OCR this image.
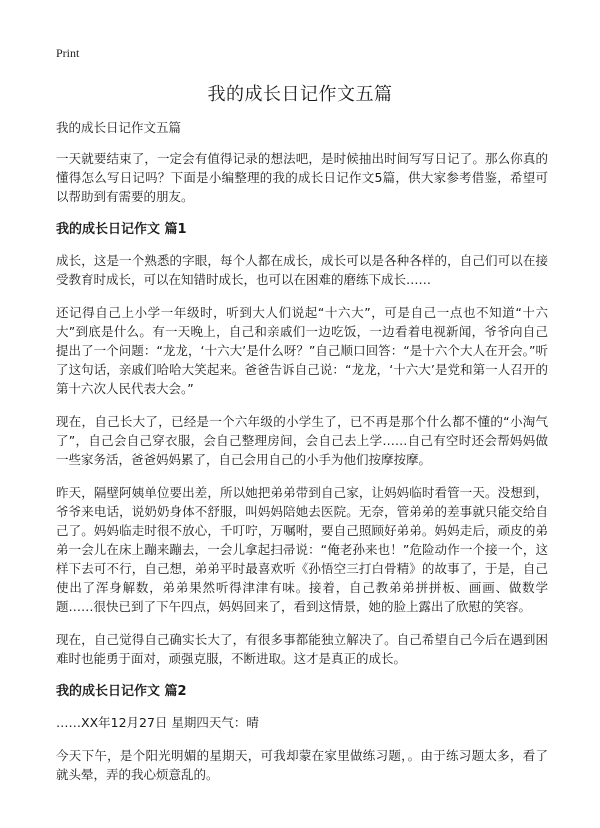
Print
我的成长日记作文五篇

我的成长日记作文五篇

一天就要结束了，一定会有值得记录的想法吧，是时候抽出时间写写日记了。那么你真的懂得怎么写日记吗？下面是小编整理的我的成长日记作文5篇，供大家参考借鉴，希望可以帮助到有需要的朋友。

我的成长日记作文 篇1

成长，这是一个熟悉的字眼，每个人都在成长，成长可以是各种各样的，自己们可以在接受教育时成长，可以在知错时成长，也可以在困难的磨练下成长……

还记得自己上小学一年级时，听到大人们说起“十六大”，可是自己一点也不知道“十六大”到底是什么。有一天晚上，自己和亲戚们一边吃饭，一边看着电视新闻，爷爷向自己提出了一个问题：“龙龙，‘十六大’是什么呀？”自己顺口回答：“是十六个大人在开会。”听了这句话，亲戚们哈哈大笑起来。爸爸告诉自己说：“龙龙，‘十六大’是党和第一人召开的第十六次人民代表大会。”

现在，自己长大了，已经是一个六年级的小学生了，已不再是那个什么都不懂的“小淘气了”，自己会自己穿衣服，会自己整理房间，会自己去上学……自己有空时还会帮妈妈做一些家务活，爸爸妈妈累了，自己会用自己的小手为他们按摩按摩。

昨天，隔壁阿姨单位要出差，所以她把弟弟带到自己家，让妈妈临时看管一天。没想到，爷爷来电话，说奶奶身体不舒服，叫妈妈陪她去医院。无奈，管弟弟的差事就只能交给自己了。妈妈临走时很不放心，千叮咛，万嘱咐，要自己照顾好弟弟。妈妈走后，顽皮的弟弟一会儿在床上蹦来蹦去，一会儿拿起扫帚说：“俺老孙来也！”危险动作一个接一个，这样下去可不行，自己想，弟弟平时最喜欢听《孙悟空三打白骨精》的故事了，于是，自己使出了浑身解数，弟弟果然听得津津有味。接着，自己教弟弟拼拼板、画画、做数学题……很快已到了下午四点，妈妈回来了，看到这情景，她的脸上露出了欣慰的笑容。

现在，自己觉得自己确实长大了，有很多事都能独立解决了。自己希望自己今后在遇到困难时也能勇于面对，顽强克服，不断进取。这才是真正的成长。

我的成长日记作文 篇2

……XX年12月27日 星期四天气：晴

今天下午，是个阳光明媚的星期天，可我却蒙在家里做练习题，。由于练习题太多，看了就头晕，弄的我心烦意乱的。
